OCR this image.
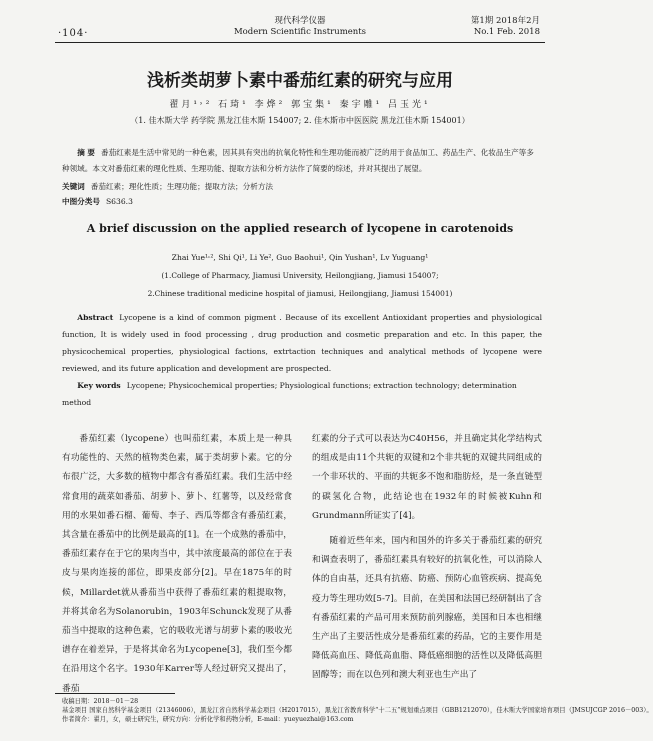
·104·
现代科学仪器
Modern Scientific Instruments
第1期 2018年2月
No.1 Feb. 2018
浅析类胡萝卜素中番茄红素的研究与应用
翟月¹˒² 石琦¹ 李烨² 郭宝集¹ 秦宇雕¹ 吕玉光¹
（1. 佳木斯大学 药学院 黑龙江佳木斯 154007; 2. 佳木斯市中医医院 黑龙江佳木斯 154001）
摘 要 番茄红素是生活中常见的一种色素，因其具有突出的抗氧化特性和生理功能而被广泛的用于食品加工、药品生产、化妆品生产等多种领域。本文对番茄红素的理化性质、生理功能、提取方法和分析方法作了简要的综述，并对其提出了展望。
关键词 番茄红素；理化性质；生理功能；提取方法；分析方法
中图分类号 S636.3
A brief discussion on the applied research of lycopene in carotenoids
Zhai Yue¹˒², Shi Qi¹, Li Ye², Guo Baohui¹, Qin Yushan¹, Lv Yuguang¹
(1.College of Pharmacy, Jiamusi University, Heilongjiang, Jiamusi 154007;
2.Chinese traditional medicine hospital of jiamusi, Heilongjiang, Jiamusi 154001)
Abstract Lycopene is a kind of common pigment . Because of its excellent Antioxidant properties and physiological function, It is widely used in food processing , drug production and cosmetic preparation and etc. In this paper, the physicochemical properties, physiological factions, extrtaction techniques and analytical methods of lycopene were reviewed, and its future application and development are prospected.
Key words Lycopene; Physicochemical properties; Physiological functions; extraction technology; determination method
番茄红素（lycopene）也叫茄红素，本质上是一种具有功能性的、天然的植物类色素，属于类胡萝卜素。它的分布很广泛，大多数的植物中都含有番茄红素。我们生活中经常食用的蔬菜如番茄、胡萝卜、萝卜、红薯等，以及经常食用的水果如番石榴、葡萄、李子、西瓜等都含有番茄红素，其含量在番茄中的比例是最高的[1]。在一个成熟的番茄中，番茄红素存在于它的果肉当中，其中浓度最高的部位在于表皮与果肉连接的部位，即果皮部分[2]。早在1875年的时候，Millardet就从番茄当中获得了番茄红素的粗提取物，并将其命名为Solanorubin，1903年Schunck发现了从番茄当中提取的这种色素，它的吸收光谱与胡萝卜素的吸收光谱存在着差异，于是将其命名为Lycopene[3]，我们至今都在沿用这个名字。1930年Karrer等人经过研究又提出了，番茄

红素的分子式可以表达为C40H56，并且确定其化学结构式的组成是由11个共轭的双键和2个非共轭的双键共同组成的一个非环状的、平面的共轭多不饱和脂肪烃，是一条直链型的碳氢化合物，此结论也在1932年的时候被Kuhn和Grundmann所证实了[4]。

随着近些年来，国内和国外的许多关于番茄红素的研究和调查表明了，番茄红素具有较好的抗氧化性，可以消除人体的自由基，还具有抗癌、防癌、预防心血管疾病、提高免疫力等生理功效[5-7]。目前，在美国和法国已经研制出了含有番茄红素的产品可用来预防前列腺癌，美国和日本也相继生产出了主要活性成分是番茄红素的药品，它的主要作用是降低高血压、降低高血脂、降低癌细胞的活性以及降低高胆固醇等；而在以色列和澳大利亚也生产出了

收稿日期：2018－01－28
基金项目 国家自然科学基金项目（21346006），黑龙江省自然科学基金项目（H2017015），黑龙江省教育科学“十二五”规划重点项目（GBB1212070），佳木斯大学国家培育项目（JMSUJCGP 2016－003）。
作者简介：翟月，女，硕士研究生，研究方向：分析化学和药物分析，E-mail：yueyuezhai@163.com
